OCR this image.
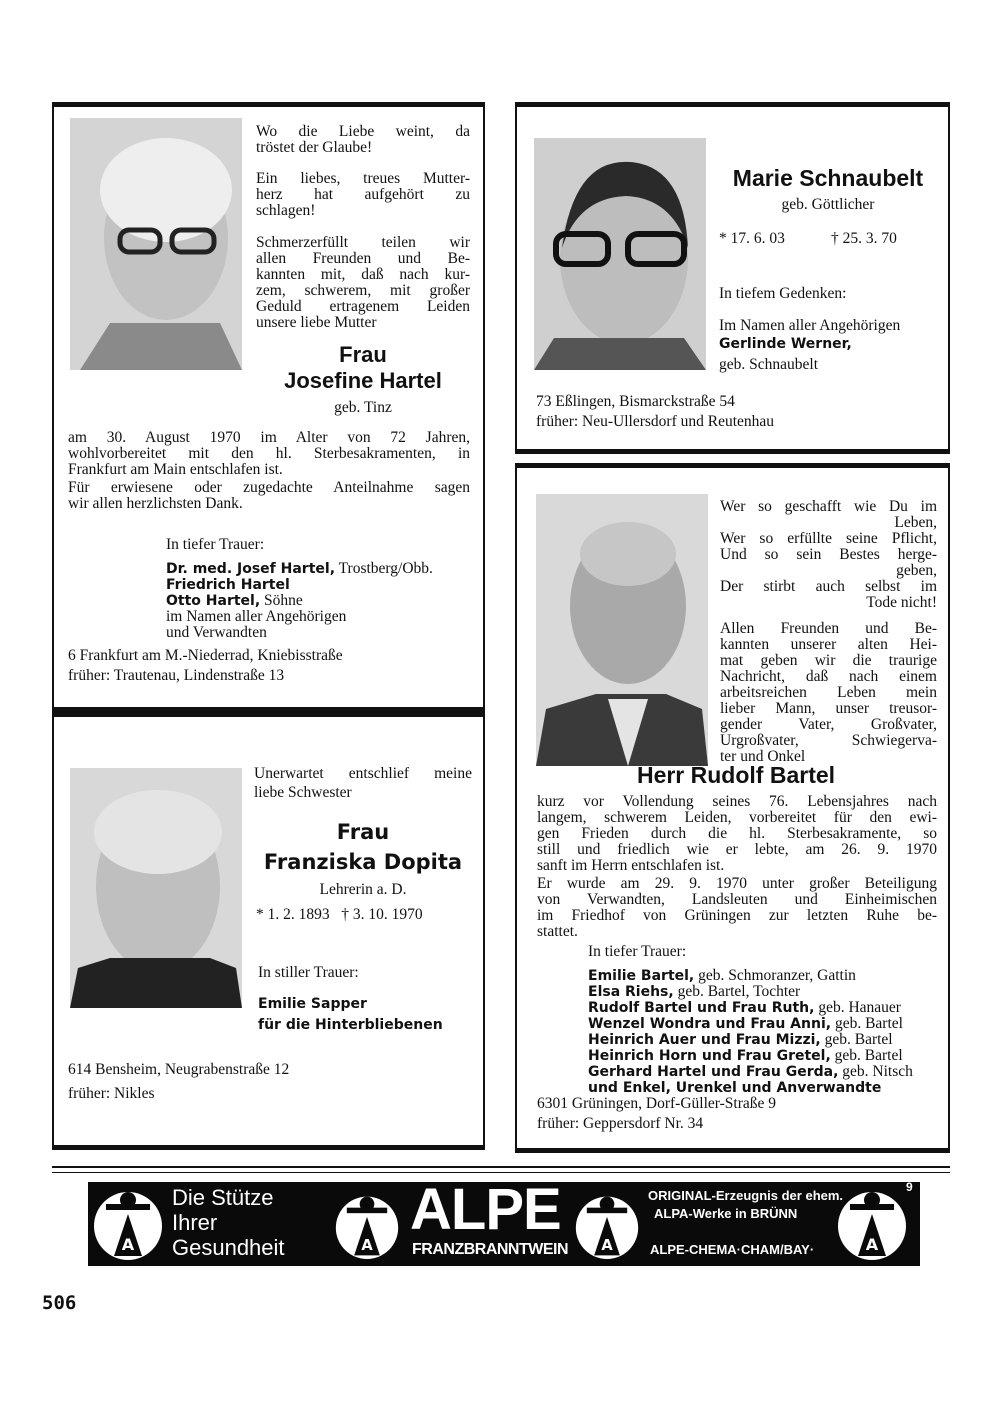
Wo die Liebe weint, da
tröstet der Glaube!
Ein liebes, treues Mutter-
herz hat aufgehört zu
schlagen!
Schmerzerfüllt teilen wir
allen Freunden und Be-
kannten mit, daß nach kur-
zem, schwerem, mit großer
Geduld ertragenem Leiden
unsere liebe Mutter
Frau
Josefine Hartel
geb. Tinz
am 30. August 1970 im Alter von 72 Jahren,
wohlvorbereitet mit den hl. Sterbesakramenten, in
Frankfurt am Main entschlafen ist.
Für erwiesene oder zugedachte Anteilnahme sagen
wir allen herzlichsten Dank.
In tiefer Trauer:
Dr. med. Josef Hartel, Trostberg/Obb.
Friedrich Hartel
Otto Hartel, Söhne
im Namen aller Angehörigen
und Verwandten
6 Frankfurt am M.-Niederrad, Kniebisstraße
früher: Trautenau, Lindenstraße 13
Marie Schnaubelt
geb. Göttlicher
* 17. 6. 03	† 25. 3. 70
In tiefem Gedenken:
Im Namen aller Angehörigen
Gerlinde Werner,
geb. Schnaubelt
73 Eßlingen, Bismarckstraße 54
früher: Neu-Ullersdorf und Reutenhau
Unerwartet entschlief meine
liebe Schwester
Frau
Franziska Dopita
Lehrerin a. D.
* 1. 2. 1893   † 3. 10. 1970
In stiller Trauer:
Emilie Sapper
für die Hinterbliebenen
614 Bensheim, Neugrabenstraße 12
früher: Nikles
Wer so geschafft wie Du im
Leben,
Wer so erfüllte seine Pflicht,
Und so sein Bestes herge-
geben,
Der stirbt auch selbst im
Tode nicht!
Allen Freunden und Be-
kannten unserer alten Hei-
mat geben wir die traurige
Nachricht, daß nach einem
arbeitsreichen Leben mein
lieber Mann, unser treusor-
gender Vater, Großvater,
Urgroßvater, Schwiegerva-
ter und Onkel
Herr Rudolf Bartel
kurz vor Vollendung seines 76. Lebensjahres nach
langem, schwerem Leiden, vorbereitet für den ewi-
gen Frieden durch die hl. Sterbesakramente, so
still und friedlich wie er lebte, am 26. 9. 1970
sanft im Herrn entschlafen ist.
Er wurde am 29. 9. 1970 unter großer Beteiligung
von Verwandten, Landsleuten und Einheimischen
im Friedhof von Grüningen zur letzten Ruhe be-
stattet.
In tiefer Trauer:
Emilie Bartel, geb. Schmoranzer, Gattin
Elsa Riehs, geb. Bartel, Tochter
Rudolf Bartel und Frau Ruth, geb. Hanauer
Wenzel Wondra und Frau Anni, geb. Bartel
Heinrich Auer und Frau Mizzi, geb. Bartel
Heinrich Horn und Frau Gretel, geb. Bartel
Gerhard Hartel und Frau Gerda, geb. Nitsch
und Enkel, Urenkel und Anverwandte
6301 Grüningen, Dorf-Güller-Straße 9
früher: Geppersdorf Nr. 34
A
Die Stütze
Ihrer
Gesundheit	A
ALPE
FRANZBRANNTWEIN A
ORIGINAL-Erzeugnis der ehem.
ALPA-Werke in BRÜNN
ALPE-CHEMA·CHAM/BAY·	A
9
506
